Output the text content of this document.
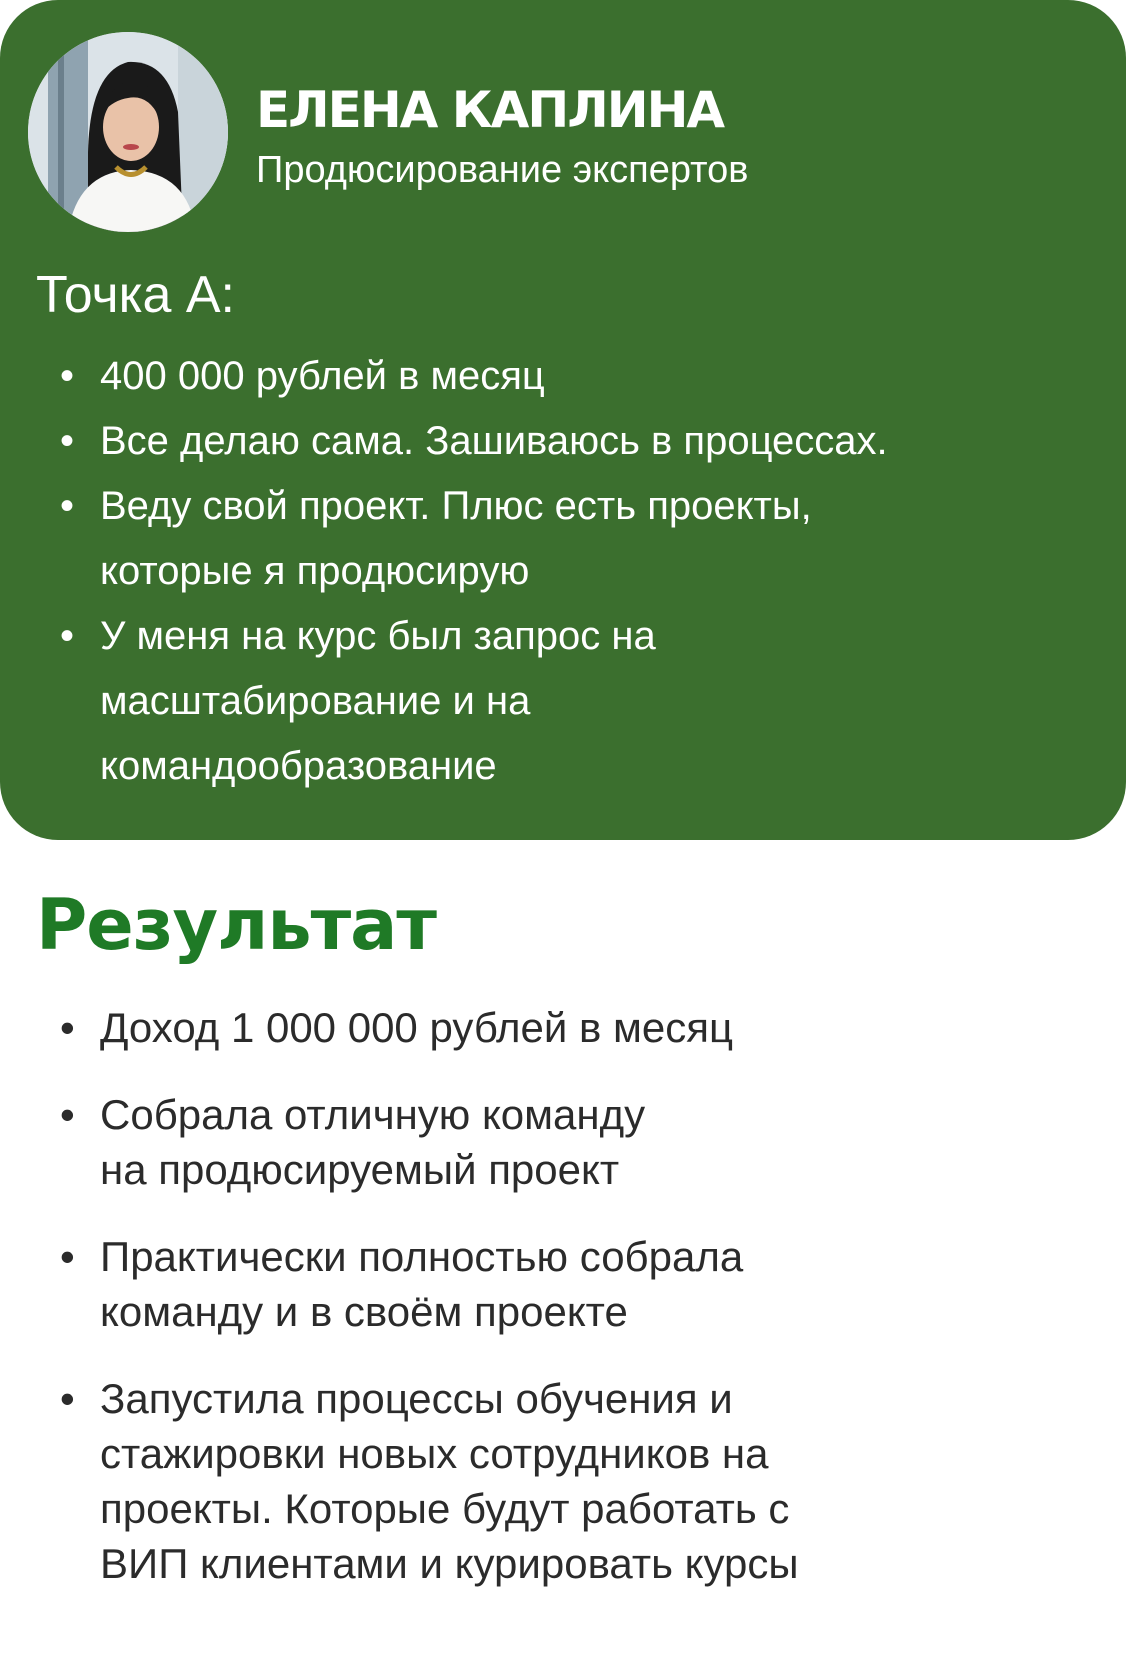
ЕЛЕНА КАПЛИНА
Продюсирование экспертов
Точка А:
• 400 000 рублей в месяц
• Все делаю сама. Зашиваюсь в процессах.
• Веду свой проект. Плюс есть проекты,
которые я продюсирую
• У меня на курс был запрос на
масштабирование и на
командообразование
Результат
• Доход 1 000 000 рублей в месяц
• Собрала отличную команду
на продюсируемый проект
• Практически полностью собрала
команду и в своём проекте
• Запустила процессы обучения и
стажировки новых сотрудников на
проекты. Которые будут работать с
ВИП клиентами и курировать курсы
